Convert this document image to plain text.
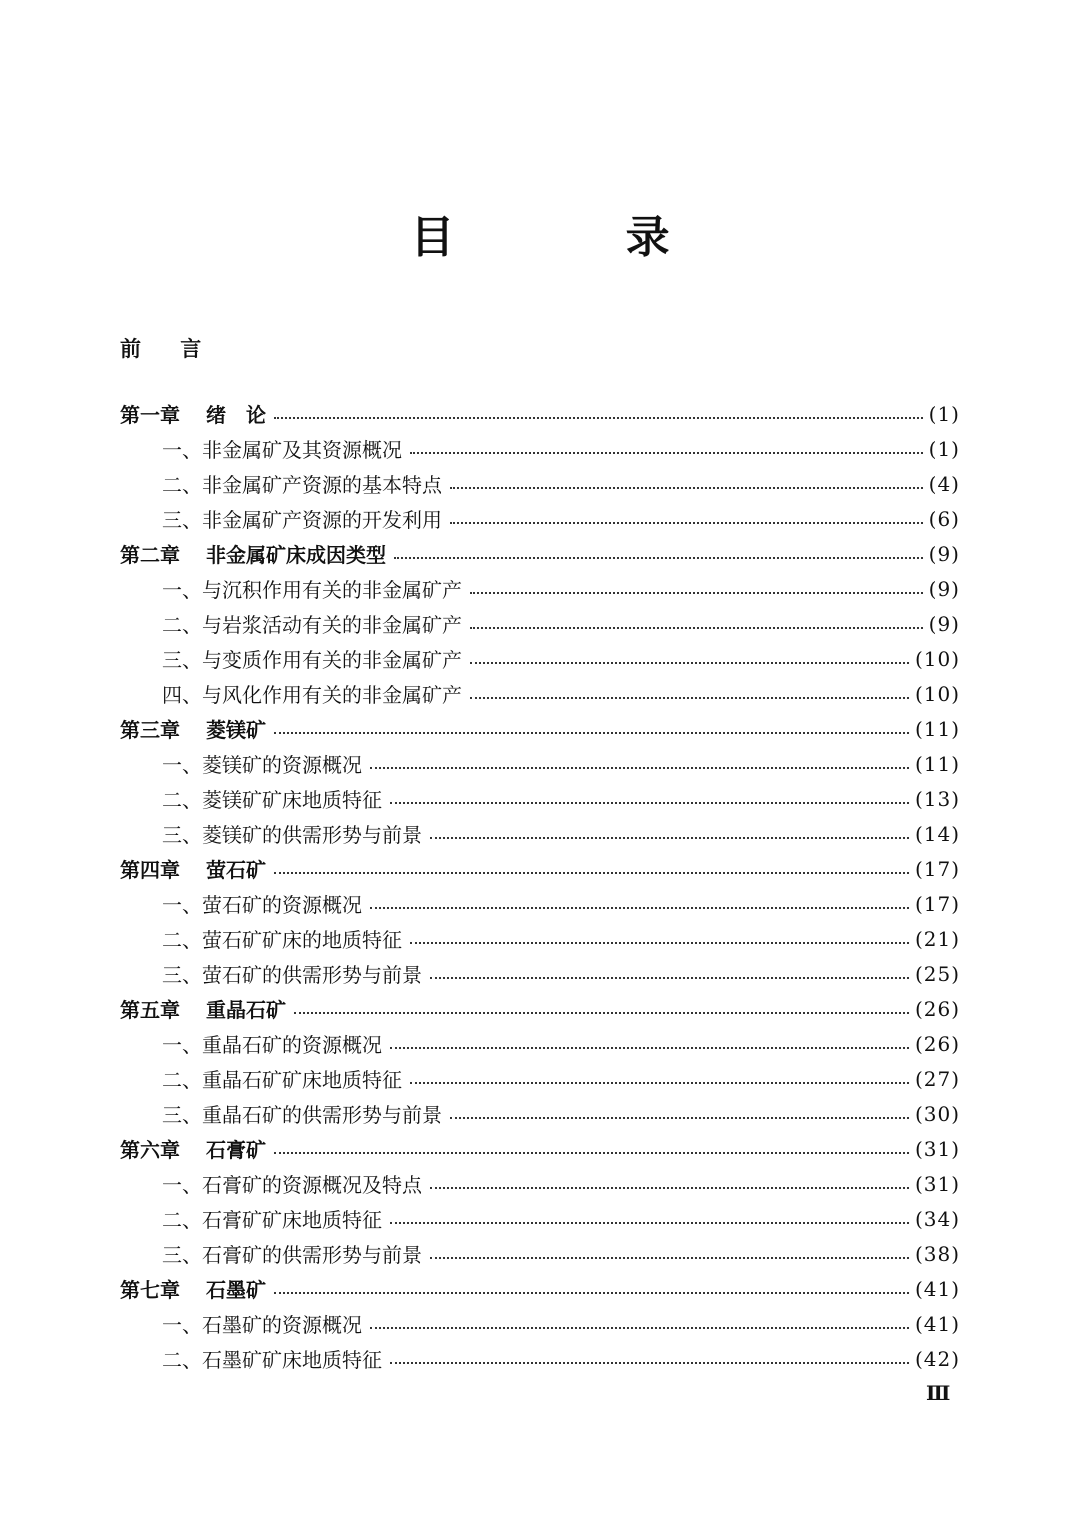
目 录
前 言
第一章	绪　论	(1)
一、 非金属矿及其资源概况	(1)
二、 非金属矿产资源的基本特点	(4)
三、 非金属矿产资源的开发利用	(6)
第二章	非金属矿床成因类型	(9)
一、 与沉积作用有关的非金属矿产	(9)
二、 与岩浆活动有关的非金属矿产	(9)
三、 与变质作用有关的非金属矿产	(10)
四、 与风化作用有关的非金属矿产	(10)
第三章	菱镁矿	(11)
一、 菱镁矿的资源概况	(11)
二、 菱镁矿矿床地质特征	(13)
三、 菱镁矿的供需形势与前景	(14)
第四章	萤石矿	(17)
一、 萤石矿的资源概况	(17)
二、 萤石矿矿床的地质特征	(21)
三、 萤石矿的供需形势与前景	(25)
第五章	重晶石矿	(26)
一、 重晶石矿的资源概况	(26)
二、 重晶石矿矿床地质特征	(27)
三、 重晶石矿的供需形势与前景	(30)
第六章	石膏矿	(31)
一、 石膏矿的资源概况及特点	(31)
二、 石膏矿矿床地质特征	(34)
三、 石膏矿的供需形势与前景	(38)
第七章	石墨矿	(41)
一、 石墨矿的资源概况	(41)
二、 石墨矿矿床地质特征	(42)
Ⅲ
